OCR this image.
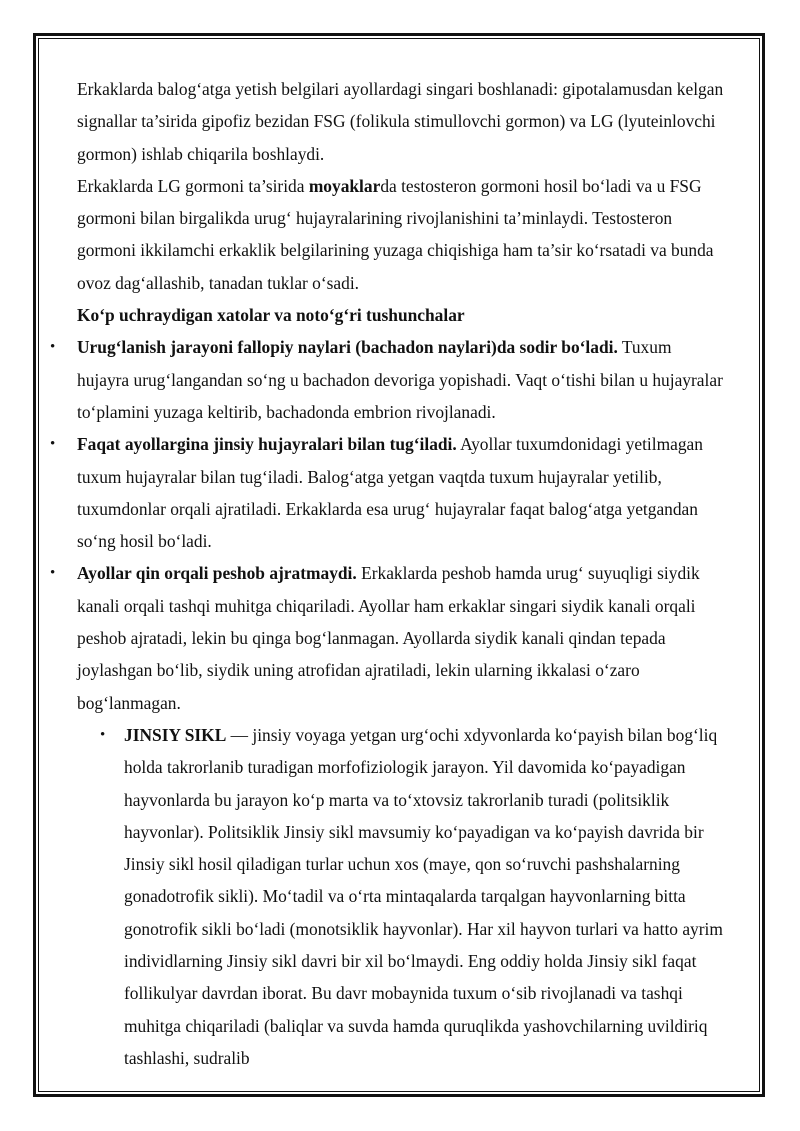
Erkaklarda balog‘atga yetish belgilari ayollardagi singari boshlanadi: gipotalamusdan kelgan signallar ta’sirida gipofiz bezidan FSG (folikula stimullovchi gormon) va LG (lyuteinlovchi gormon) ishlab chiqarila boshlaydi.

Erkaklarda LG gormoni ta’sirida moyaklarda testosteron gormoni hosil bo‘ladi va u FSG gormoni bilan birgalikda urug‘ hujayralarining rivojlanishini ta’minlaydi. Testosteron gormoni ikkilamchi erkaklik belgilarining yuzaga chiqishiga ham ta’sir ko‘rsatadi va bunda ovoz dag‘allashib, tanadan tuklar o‘sadi.

Ko‘p uchraydigan xatolar va noto‘g‘ri tushunchalar

• Urug‘lanish jarayoni fallopiy naylari (bachadon naylari)da sodir bo‘ladi. Tuxum hujayra urug‘langandan so‘ng u bachadon devoriga yopishadi. Vaqt o‘tishi bilan u hujayralar to‘plamini yuzaga keltirib, bachadonda embrion rivojlanadi.
• Faqat ayollargina jinsiy hujayralari bilan tug‘iladi. Ayollar tuxumdonidagi yetilmagan tuxum hujayralar bilan tug‘iladi. Balog‘atga yetgan vaqtda tuxum hujayralar yetilib, tuxumdonlar orqali ajratiladi. Erkaklarda esa urug‘ hujayralar faqat balog‘atga yetgandan so‘ng hosil bo‘ladi.
• Ayollar qin orqali peshob ajratmaydi. Erkaklarda peshob hamda urug‘ suyuqligi siydik kanali orqali tashqi muhitga chiqariladi. Ayollar ham erkaklar singari siydik kanali orqali peshob ajratadi, lekin bu qinga bog‘lanmagan. Ayollarda siydik kanali qindan tepada joylashgan bo‘lib, siydik uning atrofidan ajratiladi, lekin ularning ikkalasi o‘zaro bog‘lanmagan.
• JINSIY SIKL — jinsiy voyaga yetgan urg‘ochi xdyvonlarda ko‘payish bilan bog‘liq holda takrorlanib turadigan morfofiziologik jarayon. Yil davomida ko‘payadigan hayvonlarda bu jarayon ko‘p marta va to‘xtovsiz takrorlanib turadi (politsiklik hayvonlar). Politsiklik Jinsiy sikl mavsumiy ko‘payadigan va ko‘payish davrida bir Jinsiy sikl hosil qiladigan turlar uchun xos (maye, qon so‘ruvchi pashshalarning gonadotrofik sikli). Mo‘tadil va o‘rta mintaqalarda tarqalgan hayvonlarning bitta gonotrofik sikli bo‘ladi (monotsiklik hayvonlar). Har xil hayvon turlari va hatto ayrim individlarning Jinsiy sikl davri bir xil bo‘lmaydi. Eng oddiy holda Jinsiy sikl faqat follikulyar davrdan iborat. Bu davr mobaynida tuxum o‘sib rivojlanadi va tashqi muhitga chiqariladi (baliqlar va suvda hamda quruqlikda yashovchilarning uvildiriq tashlashi, sudralib
